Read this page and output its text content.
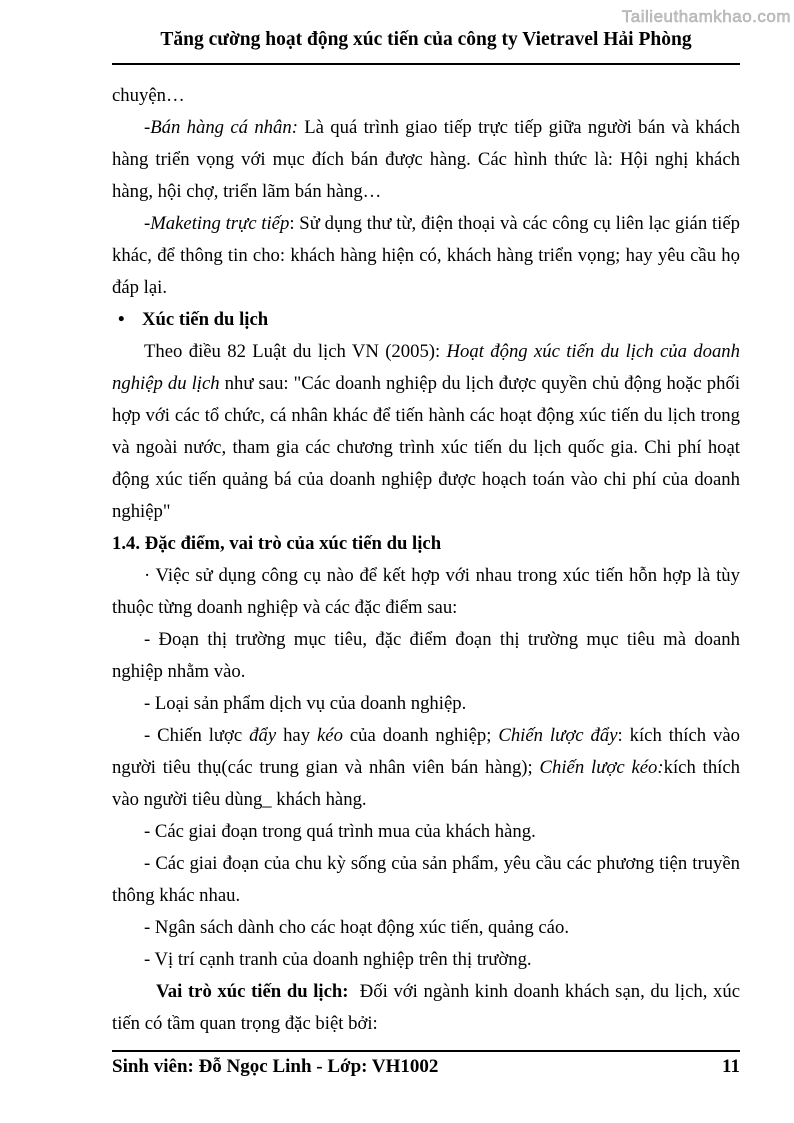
Tailieuthamkhao.com
Tăng cường hoạt động xúc tiến của công ty Vietravel Hải Phòng

chuyện…

-Bán hàng cá nhân: Là quá trình giao tiếp trực tiếp giữa người bán và khách hàng triển vọng với mục đích bán được hàng. Các hình thức là: Hội nghị khách hàng, hội chợ, triển lãm bán hàng…

-Maketing trực tiếp: Sử dụng thư từ, điện thoại và các công cụ liên lạc gián tiếp khác, để thông tin cho: khách hàng hiện có, khách hàng triển vọng; hay yêu cầu họ đáp lại.

• Xúc tiến du lịch

Theo điều 82 Luật du lịch VN (2005): Hoạt động xúc tiến du lịch của doanh nghiệp du lịch như sau: "Các doanh nghiệp du lịch được quyền chủ động hoặc phối hợp với các tổ chức, cá nhân khác để tiến hành các hoạt động xúc tiến du lịch trong và ngoài nước, tham gia các chương trình xúc tiến du lịch quốc gia. Chi phí hoạt động xúc tiến quảng bá của doanh nghiệp được hoạch toán vào chi phí của doanh nghiệp"

1.4. Đặc điểm, vai trò của xúc tiến du lịch

· Việc sử dụng công cụ nào để kết hợp với nhau trong xúc tiến hỗn hợp là tùy thuộc từng doanh nghiệp và các đặc điểm sau:

- Đoạn thị trường mục tiêu, đặc điểm đoạn thị trường mục tiêu mà doanh nghiệp nhằm vào.

- Loại sản phẩm dịch vụ của doanh nghiệp.

- Chiến lược đẩy hay kéo của doanh nghiệp; Chiến lược đẩy: kích thích vào người tiêu thụ(các trung gian và nhân viên bán hàng); Chiến lược kéo:kích thích vào người tiêu dùng_ khách hàng.

- Các giai đoạn trong quá trình mua của khách hàng.

- Các giai đoạn của chu kỳ sống của sản phẩm, yêu cầu các phương tiện truyền thông khác nhau.

- Ngân sách dành cho các hoạt động xúc tiến, quảng cáo.

- Vị trí cạnh tranh của doanh nghiệp trên thị trường.

Vai trò xúc tiến du lịch:  Đối với ngành kinh doanh khách sạn, du lịch, xúc tiến có tầm quan trọng đặc biệt bởi:

Sinh viên: Đỗ Ngọc Linh - Lớp: VH1002	11
